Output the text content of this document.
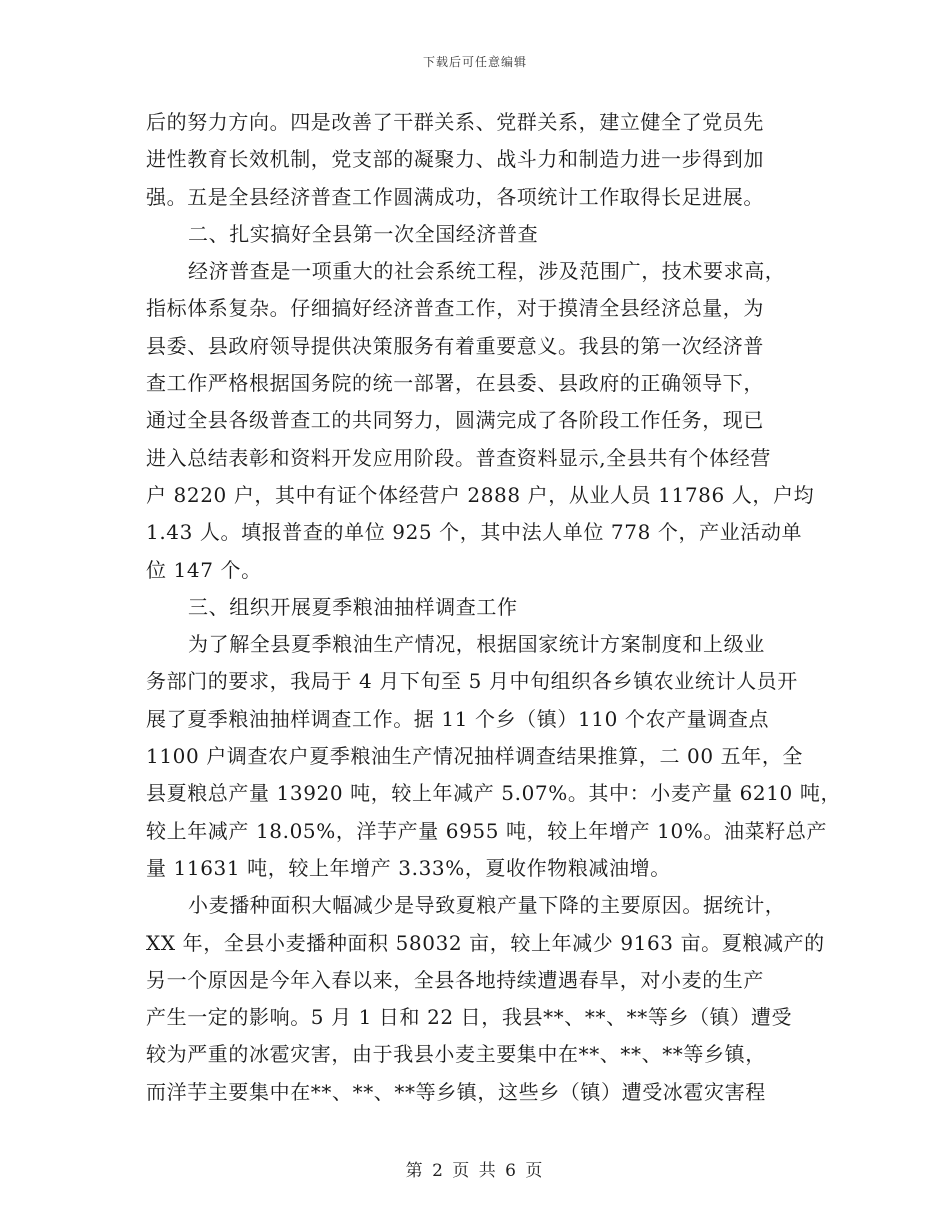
下载后可任意编辑
后的努力方向。四是改善了干群关系、党群关系，建立健全了党员先
进性教育长效机制，党支部的凝聚力、战斗力和制造力进一步得到加
强。五是全县经济普查工作圆满成功，各项统计工作取得长足进展。
二、扎实搞好全县第一次全国经济普查
经济普查是一项重大的社会系统工程，涉及范围广，技术要求高，
指标体系复杂。仔细搞好经济普查工作，对于摸清全县经济总量，为
县委、县政府领导提供决策服务有着重要意义。我县的第一次经济普
查工作严格根据国务院的统一部署，在县委、县政府的正确领导下，
通过全县各级普查工的共同努力，圆满完成了各阶段工作任务，现已
进入总结表彰和资料开发应用阶段。普查资料显示,全县共有个体经营
户 8220 户，其中有证个体经营户 2888 户，从业人员 11786 人，户均
1.43 人。填报普查的单位 925 个，其中法人单位 778 个，产业活动单
位 147 个。
三、组织开展夏季粮油抽样调查工作
为了解全县夏季粮油生产情况，根据国家统计方案制度和上级业
务部门的要求，我局于 4 月下旬至 5 月中旬组织各乡镇农业统计人员开
展了夏季粮油抽样调查工作。据 11 个乡（镇）110 个农产量调查点
1100 户调查农户夏季粮油生产情况抽样调查结果推算，二 00 五年，全
县夏粮总产量 13920 吨，较上年减产 5.07%。其中：小麦产量 6210 吨，
较上年减产 18.05%，洋芋产量 6955 吨，较上年增产 10%。油菜籽总产
量 11631 吨，较上年增产 3.33%，夏收作物粮减油增。
小麦播种面积大幅减少是导致夏粮产量下降的主要原因。据统计，
XX 年，全县小麦播种面积 58032 亩，较上年减少 9163 亩。夏粮减产的
另一个原因是今年入春以来，全县各地持续遭遇春旱，对小麦的生产
产生一定的影响。5 月 1 日和 22 日，我县**、**、**等乡（镇）遭受
较为严重的冰雹灾害，由于我县小麦主要集中在**、**、**等乡镇，
而洋芋主要集中在**、**、**等乡镇，这些乡（镇）遭受冰雹灾害程
第 2 页 共 6 页
